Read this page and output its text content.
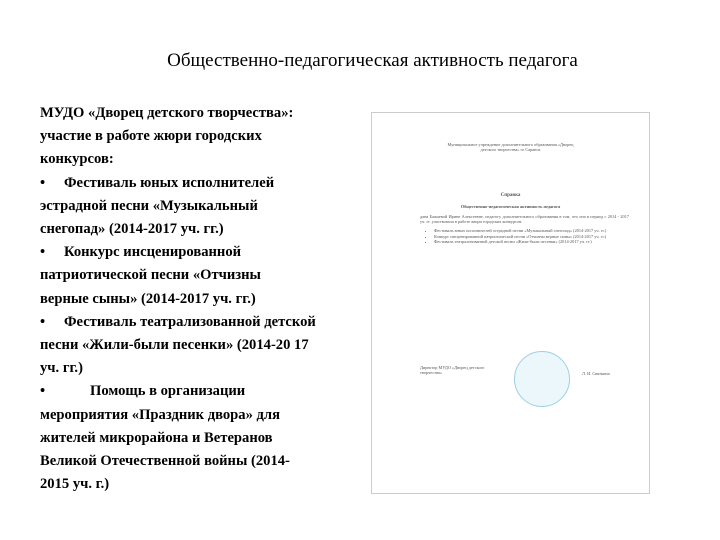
Общественно-педагогическая активность педагога
МУДО «Дворец детского творчества»:
участие в работе жюри городских
конкурсов:
• Фестиваль юных исполнителей
эстрадной песни «Музыкальный
снегопад» (2014-2017 уч. гг.)
• Конкурс инсценированной
патриотической песни «Отчизны
верные сыны» (2014-2017 уч. гг.)
• Фестиваль театрализованной детской
песни «Жили-были песенки» (2014-20 17
уч. гг.)
•	Помощь в организации
мероприятия «Праздник двора» для
жителей микрорайона и Ветеранов
Великой Отечественной войны (2014-
2015 уч. г.)

Муниципальное учреждение дополнительного образования «Дворец детского творчества» го Саранск

Справка

Общественно-педагогическая активность педагога

дана Бажаевой Ирине Алексеевне, педагогу дополнительного образования в том, что она в период с 2014 - 2017 уч. гг. участвовала в работе жюри городских конкурсов.

• Фестиваль юных исполнителей эстрадной песни «Музыкальный снегопад» (2014-2017 уч. гг.)
• Конкурс инсценированной патриотической песни «Отчизны верные сыны» (2014-2017 уч. гг.)
• Фестиваль театрализованной детской песни «Жили-были песенки» (2014-2017 уч. гг.)

Директор МУДО «Дворец детского творчества»	Л. И. Святкина
